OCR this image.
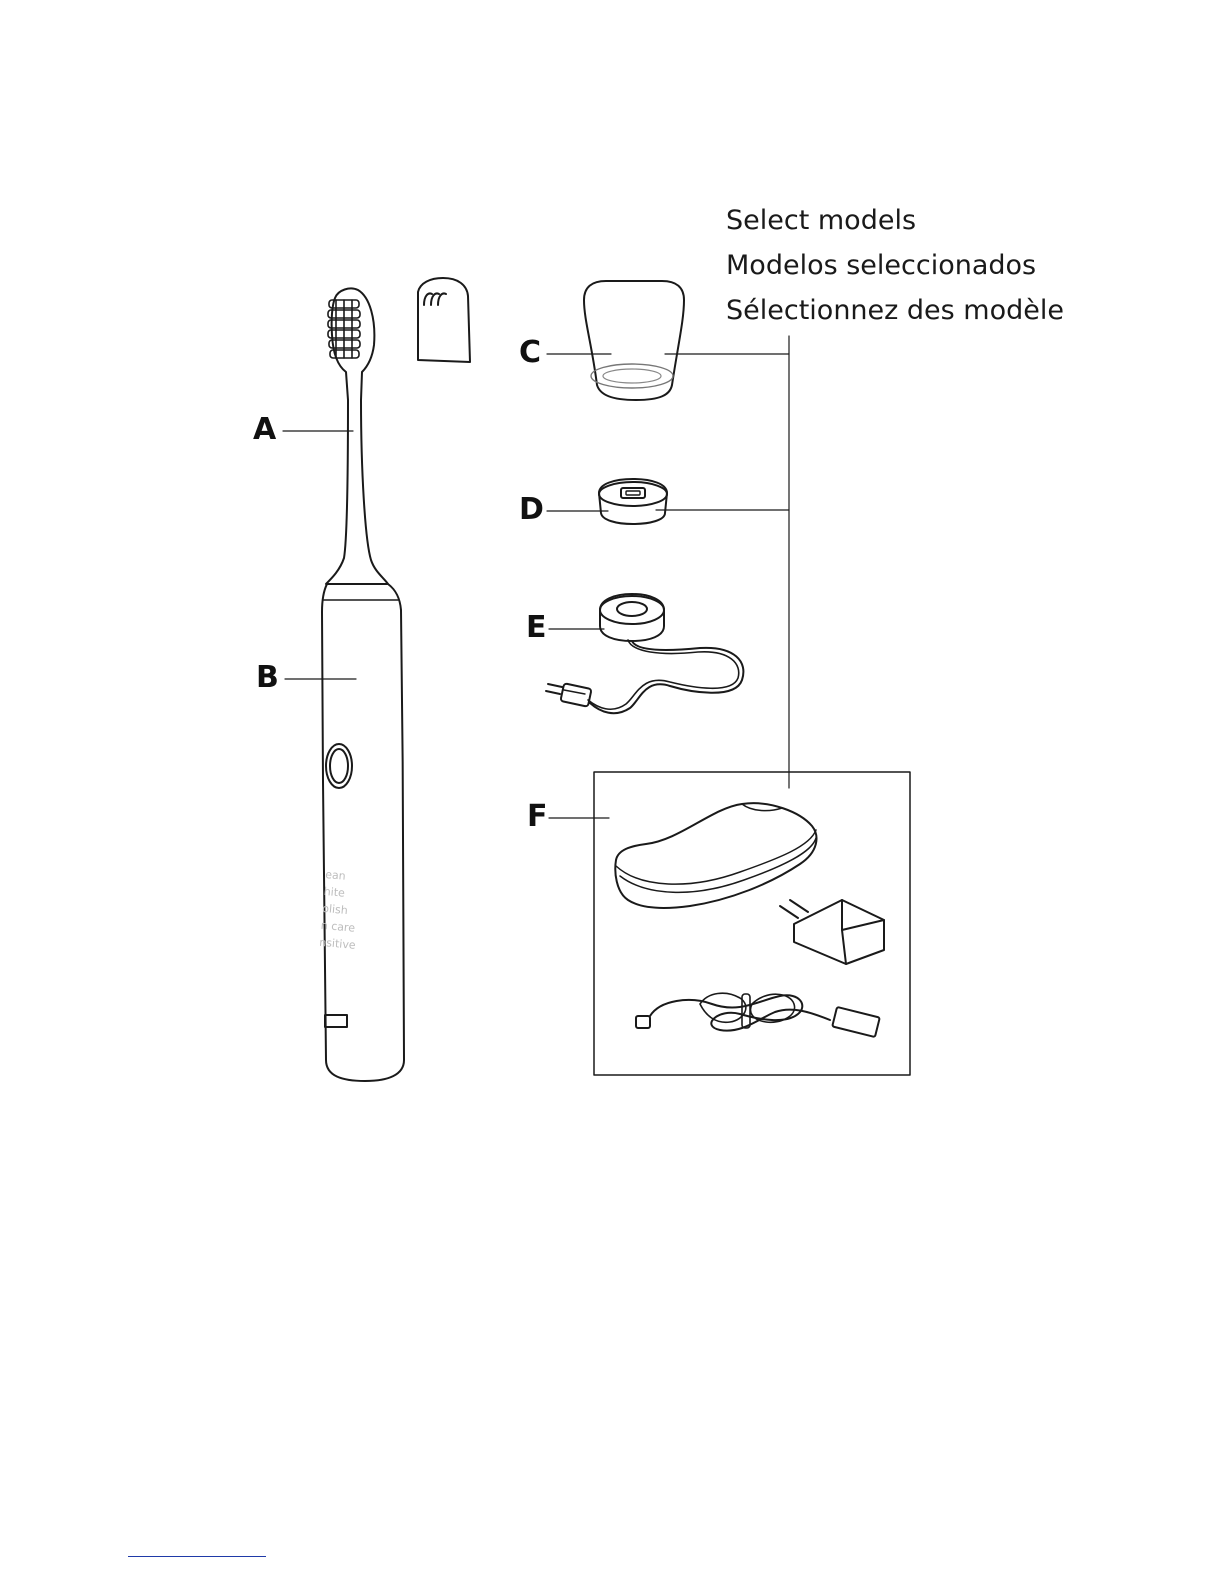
Select models
Modelos seleccionados
Sélectionnez des modèle
ean
hite
olish
n care
nsitive
A
B
C
D
E
F
